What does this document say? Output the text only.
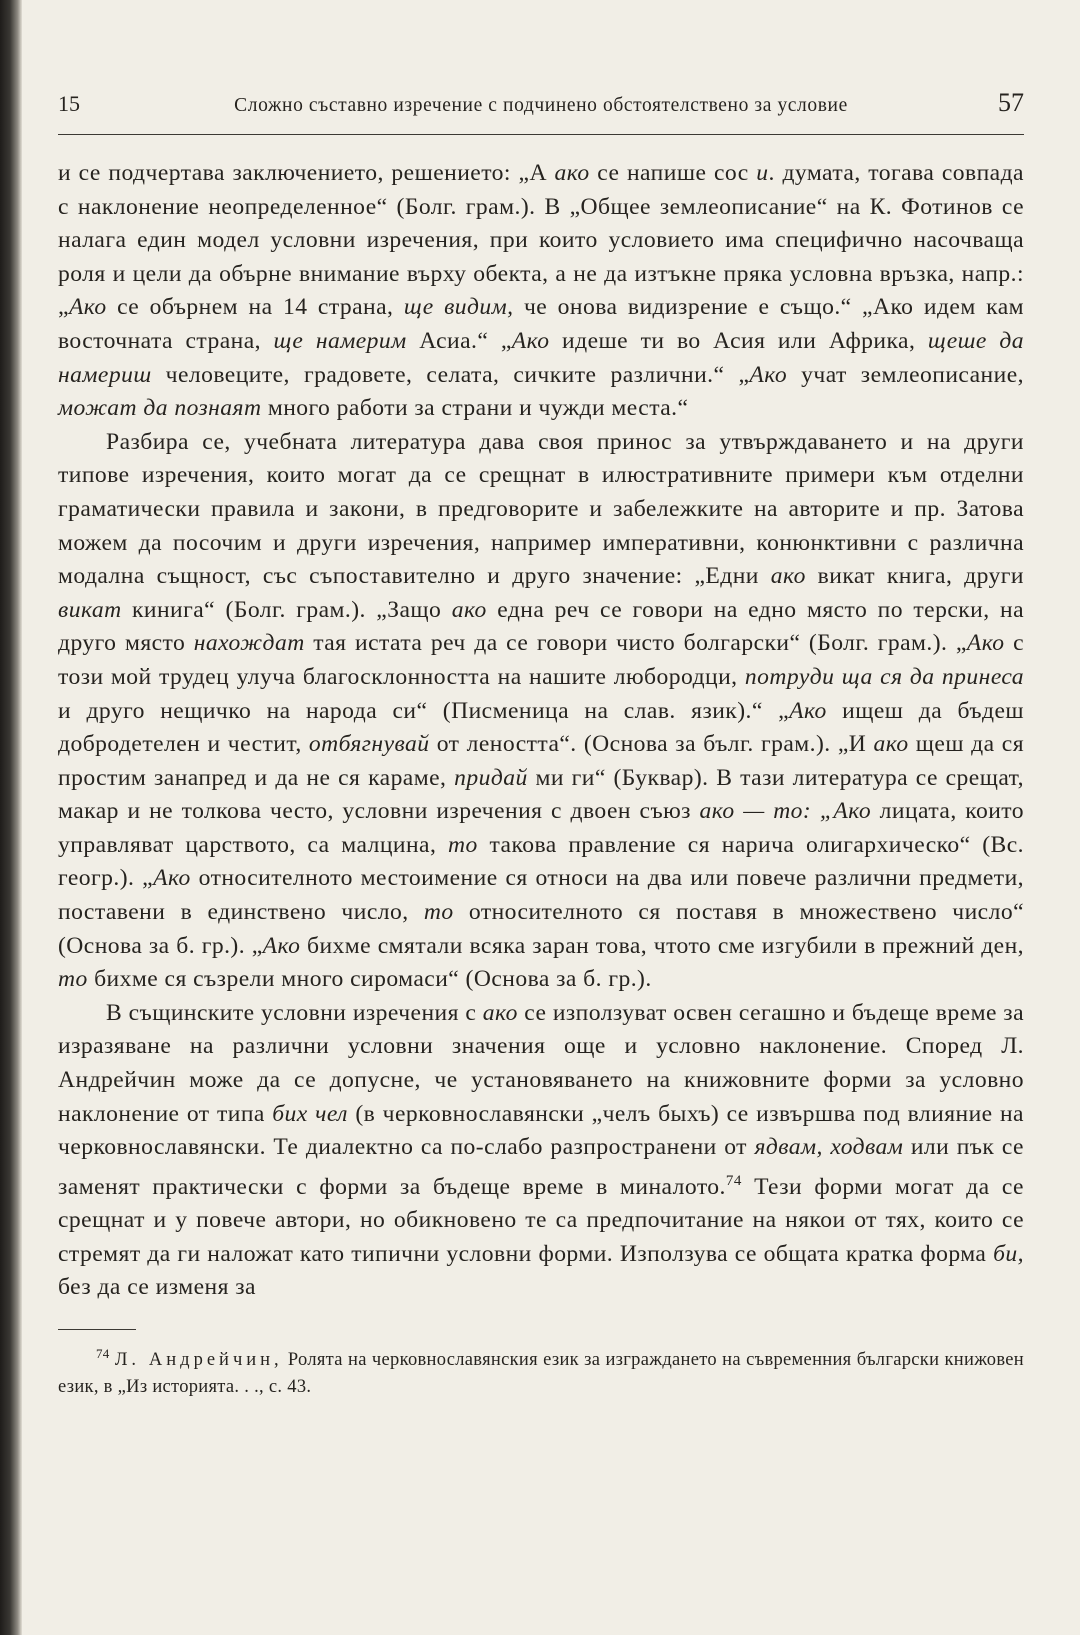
15	Сложно съставно изречение с подчинено обстоятелствено за условие	57

и се подчертава заключението, решението: „А ако се напише сос и. думата, тогава совпада с наклонение неопределенное“ (Болг. грам.). В „Общее землеописание“ на К. Фотинов се налага един модел условни изречения, при които условието има специфично насочваща роля и цели да обърне внимание върху обекта, а не да изтъкне пряка условна връзка, напр.: „Ако се обърнем на 14 страна, ще видим, че онова видизрение е също.“ „Ако идем кам восточната страна, ще намерим Асиа.“ „Ако идеше ти во Асия или Африка, щеше да намериш человеците, градовете, селата, сичките различни.“ „Ако учат землеописание, можат да познаят много работи за страни и чужди места.“

Разбира се, учебната литература дава своя принос за утвърждаването и на други типове изречения, които могат да се срещнат в илюстративните примери към отделни граматически правила и закони, в предговорите и забележките на авторите и пр. Затова можем да посочим и други изречения, например императивни, конюнктивни с различна модална същност, със съпоставително и друго значение: „Едни ако викат книга, други викат кинига“ (Болг. грам.). „Защо ако една реч се говори на едно място по терски, на друго място нахождат тая истата реч да се говори чисто болгарски“ (Болг. грам.). „Ако с този мой трудец улуча благосклонността на нашите любородци, потруди ща ся да принеса и друго нещичко на народа си“ (Писменица на слав. язик).“ „Ако ищеш да бъдеш добродетелен и честит, отбягнувай от леността“. (Основа за бълг. грам.). „И ако щеш да ся простим занапред и да не ся караме, придай ми ги“ (Буквар). В тази литература се срещат, макар и не толкова често, условни изречения с двоен съюз ако — то: „Ако лицата, които управляват царството, са малцина, то такова правление ся нарича олигархическо“ (Вс. геогр.). „Ако относителното местоимение ся относи на два или повече различни предмети, поставени в единствено число, то относителното ся поставя в множествено число“ (Основа за б. гр.). „Ако бихме смятали всяка заран това, чтото сме изгубили в прежний ден, то бихме ся съзрели много сиромаси“ (Основа за б. гр.).

В същинските условни изречения с ако се използуват освен сегашно и бъдеще време за изразяване на различни условни значения още и условно наклонение. Според Л. Андрейчин може да се допусне, че установяването на книжовните форми за условно наклонение от типа бих чел (в черковнославянски „челъ быхъ) се извършва под влияние на черковнославянски. Те диалектно са по-слабо разпространени от ядвам, ходвам или пък се заменят практически с форми за бъдеще време в миналото.$^{74}$ Тези форми могат да се срещнат и у повече автори, но обикновено те са предпочитание на някои от тях, които се стремят да ги наложат като типични условни форми. Използува се общата кратка форма би, без да се изменя за

$^{74}$ Л. Андрейчин, Ролята на черковнославянския език за изграждането на съвременния български книжовен език, в „Из историята. . ., с. 43.
